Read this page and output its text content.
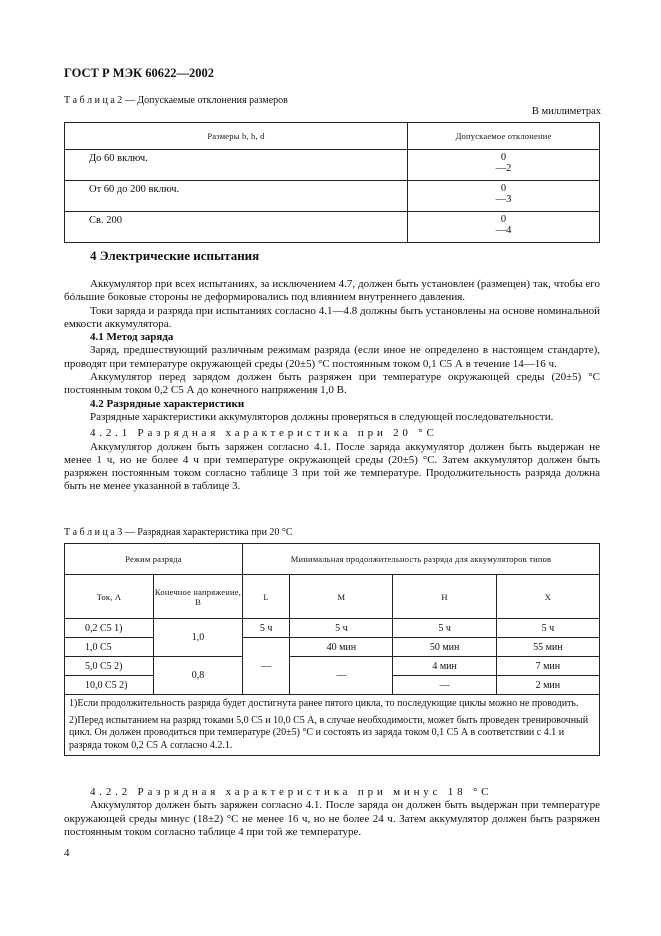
ГОСТ Р МЭК 60622—2002
Т а б л и ц а 2 — Допускаемые отклонения размеров
В миллиметрах
Размеры b, h, d	Допускаемое отклонение
До 60 включ.	0
—2

От 60 до 200 включ.	0
—3

Св. 200	0
—4
4 Электрические испытания
Аккумулятор при всех испытаниях, за исключением 4.7, должен быть установлен (размещен) так, чтобы его бóльшие боковые стороны не деформировались под влиянием внутреннего давления.
Токи заряда и разряда при испытаниях согласно 4.1—4.8 должны быть установлены на основе номинальной емкости аккумулятора.
4.1 Метод заряда
Заряд, предшествующий различным режимам разряда (если иное не определено в настоящем стандарте), проводят при температуре окружающей среды (20±5) °С постоянным током 0,1 C5 А в течение 14—16 ч.
Аккумулятор перед зарядом должен быть разряжен при температуре окружающей среды (20±5) °С постоянным током 0,2 C5 А до конечного напряжения 1,0 В.
4.2 Разрядные характеристики
Разрядные характеристики аккумуляторов должны проверяться в следующей последовательности.
4.2.1 Разрядная характеристика при 20 °С
Аккумулятор должен быть заряжен согласно 4.1. После заряда аккумулятор должен быть выдержан не менее 1 ч, но не более 4 ч при температуре окружающей среды (20±5) °С. Затем аккумулятор должен быть разряжен постоянным током согласно таблице 3 при той же температуре. Продолжительность разряда должна быть не менее указанной в таблице 3.
Т а б л и ц а 3 — Разрядная характеристика при 20 °С
Режим разряда		Минимальная продолжительность разряда для аккумуляторов типов			
Ток, А	Конечное напряжение, В	L	M	H	X
0,2 C5 1)	1,0	5 ч	5 ч	5 ч	5 ч
1,0 C5		—	40 мин	50 мин	55 мин
5,0 C5 2)	0,8		—	4 мин	7 мин
10,0 C5 2)				—	2 мин

1)Если продолжительность разряда будет достигнута ранее пятого цикла, то последующие циклы можно не проводить.
2)Перед испытанием на разряд токами 5,0 C5 и 10,0 C5 А, в случае необходимости, может быть проведен тренировочный цикл. Он должен проводиться при температуре (20±5) °С и состоять из заряда током 0,1 C5 А в соответствии с 4.1 и разряда током 0,2 C5 А согласно 4.2.1.					
4.2.2 Разрядная характеристика при минус 18 °С
Аккумулятор должен быть заряжен согласно 4.1. После заряда он должен быть выдержан при температуре окружающей среды минус (18±2) °С не менее 16 ч, но не более 24 ч. Затем аккумулятор должен быть разряжен постоянным током согласно таблице 4 при той же температуре.
4
